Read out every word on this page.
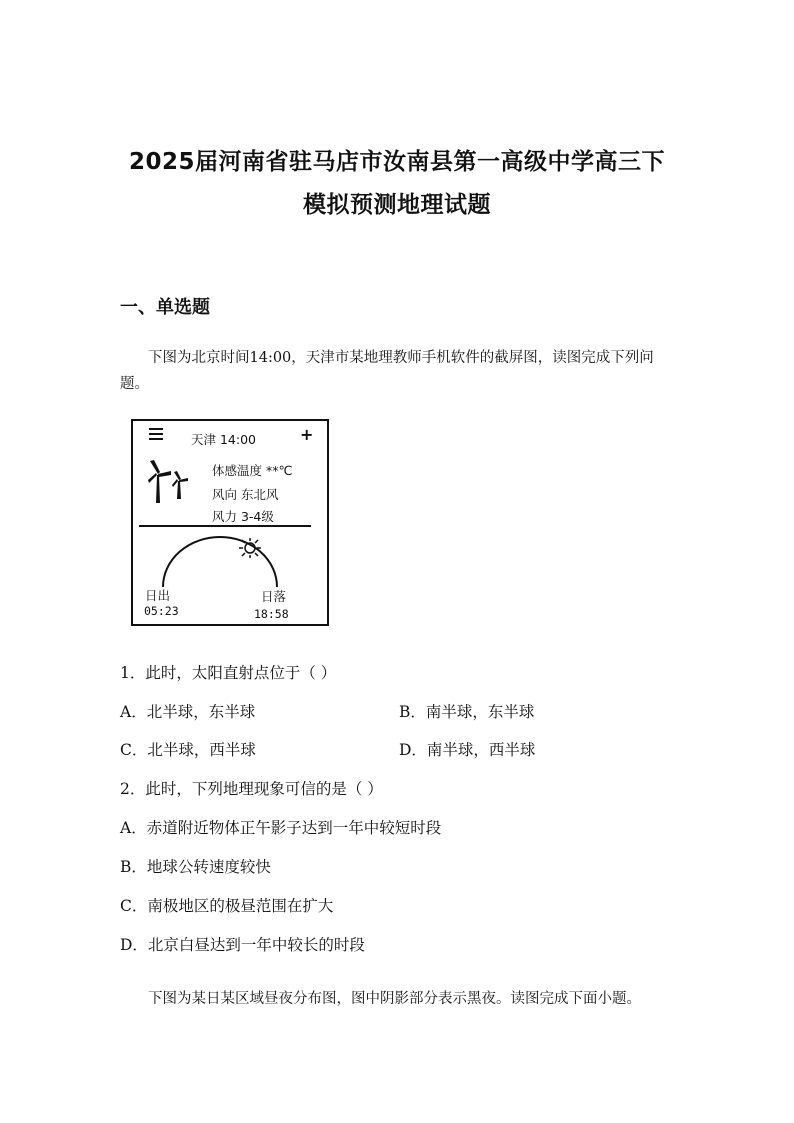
2025届河南省驻马店市汝南县第一高级中学高三下
模拟预测地理试题
一、单选题
下图为北京时间14:00，天津市某地理教师手机软件的截屏图，读图完成下列问题。
天津 14:00	+
体感温度 **℃
风向 东北风
风力 3-4级
日出
05:23
日落
18:58
1．此时，太阳直射点位于（ ）
A．北半球，东半球	B．南半球，东半球
C．北半球，西半球	D．南半球，西半球
2．此时，下列地理现象可信的是（ ）
A．赤道附近物体正午影子达到一年中较短时段
B．地球公转速度较快
C．南极地区的极昼范围在扩大
D．北京白昼达到一年中较长的时段
下图为某日某区域昼夜分布图，图中阴影部分表示黑夜。读图完成下面小题。
